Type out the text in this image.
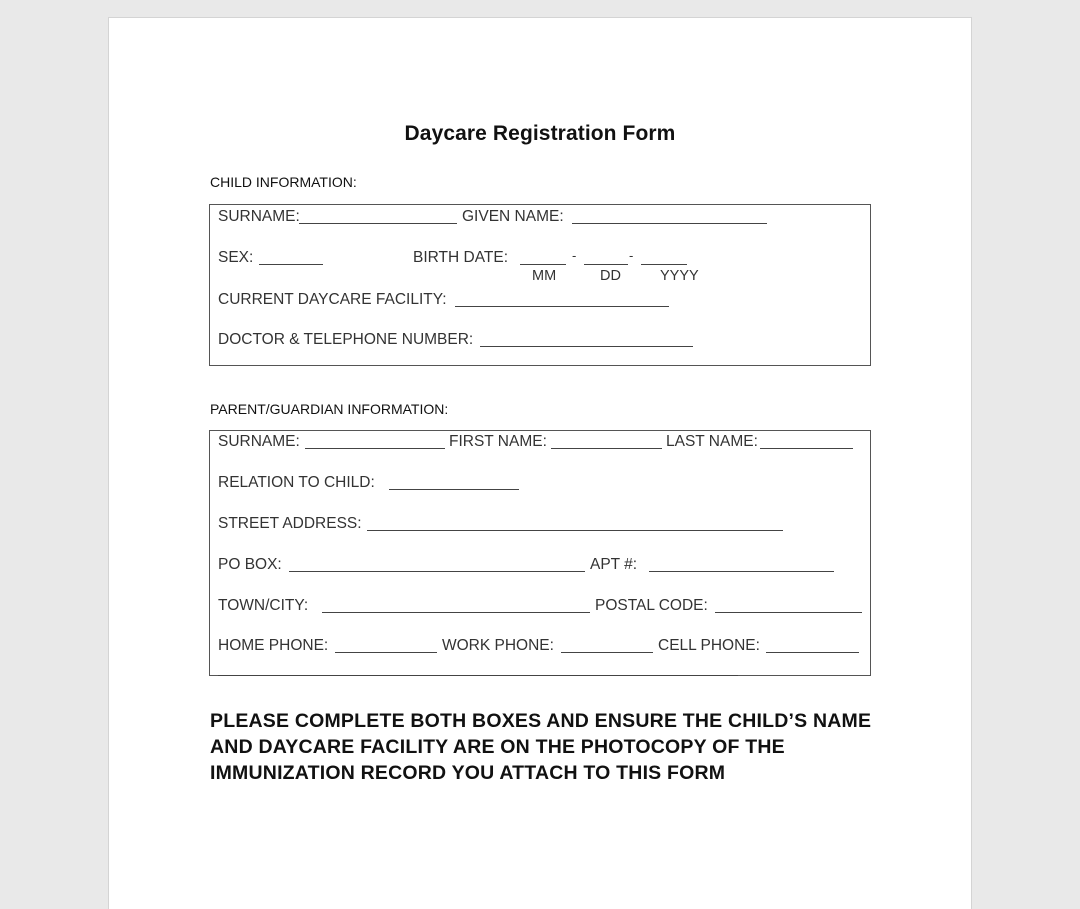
Daycare Registration Form
CHILD INFORMATION:
SURNAME:	GIVEN NAME:
SEX:	BIRTH DATE:	-	-
MM	DD	YYYY
CURRENT DAYCARE FACILITY:
DOCTOR & TELEPHONE NUMBER:
PARENT/GUARDIAN INFORMATION:
SURNAME:	FIRST NAME:	LAST NAME:
RELATION TO CHILD:
STREET ADDRESS:
PO BOX:	APT #:
TOWN/CITY:	POSTAL CODE:
HOME PHONE:	WORK PHONE:	CELL PHONE:
PLEASE COMPLETE BOTH BOXES AND ENSURE THE CHILD’S NAME AND DAYCARE FACILITY ARE ON THE PHOTOCOPY OF THE IMMUNIZATION RECORD YOU ATTACH TO THIS FORM
